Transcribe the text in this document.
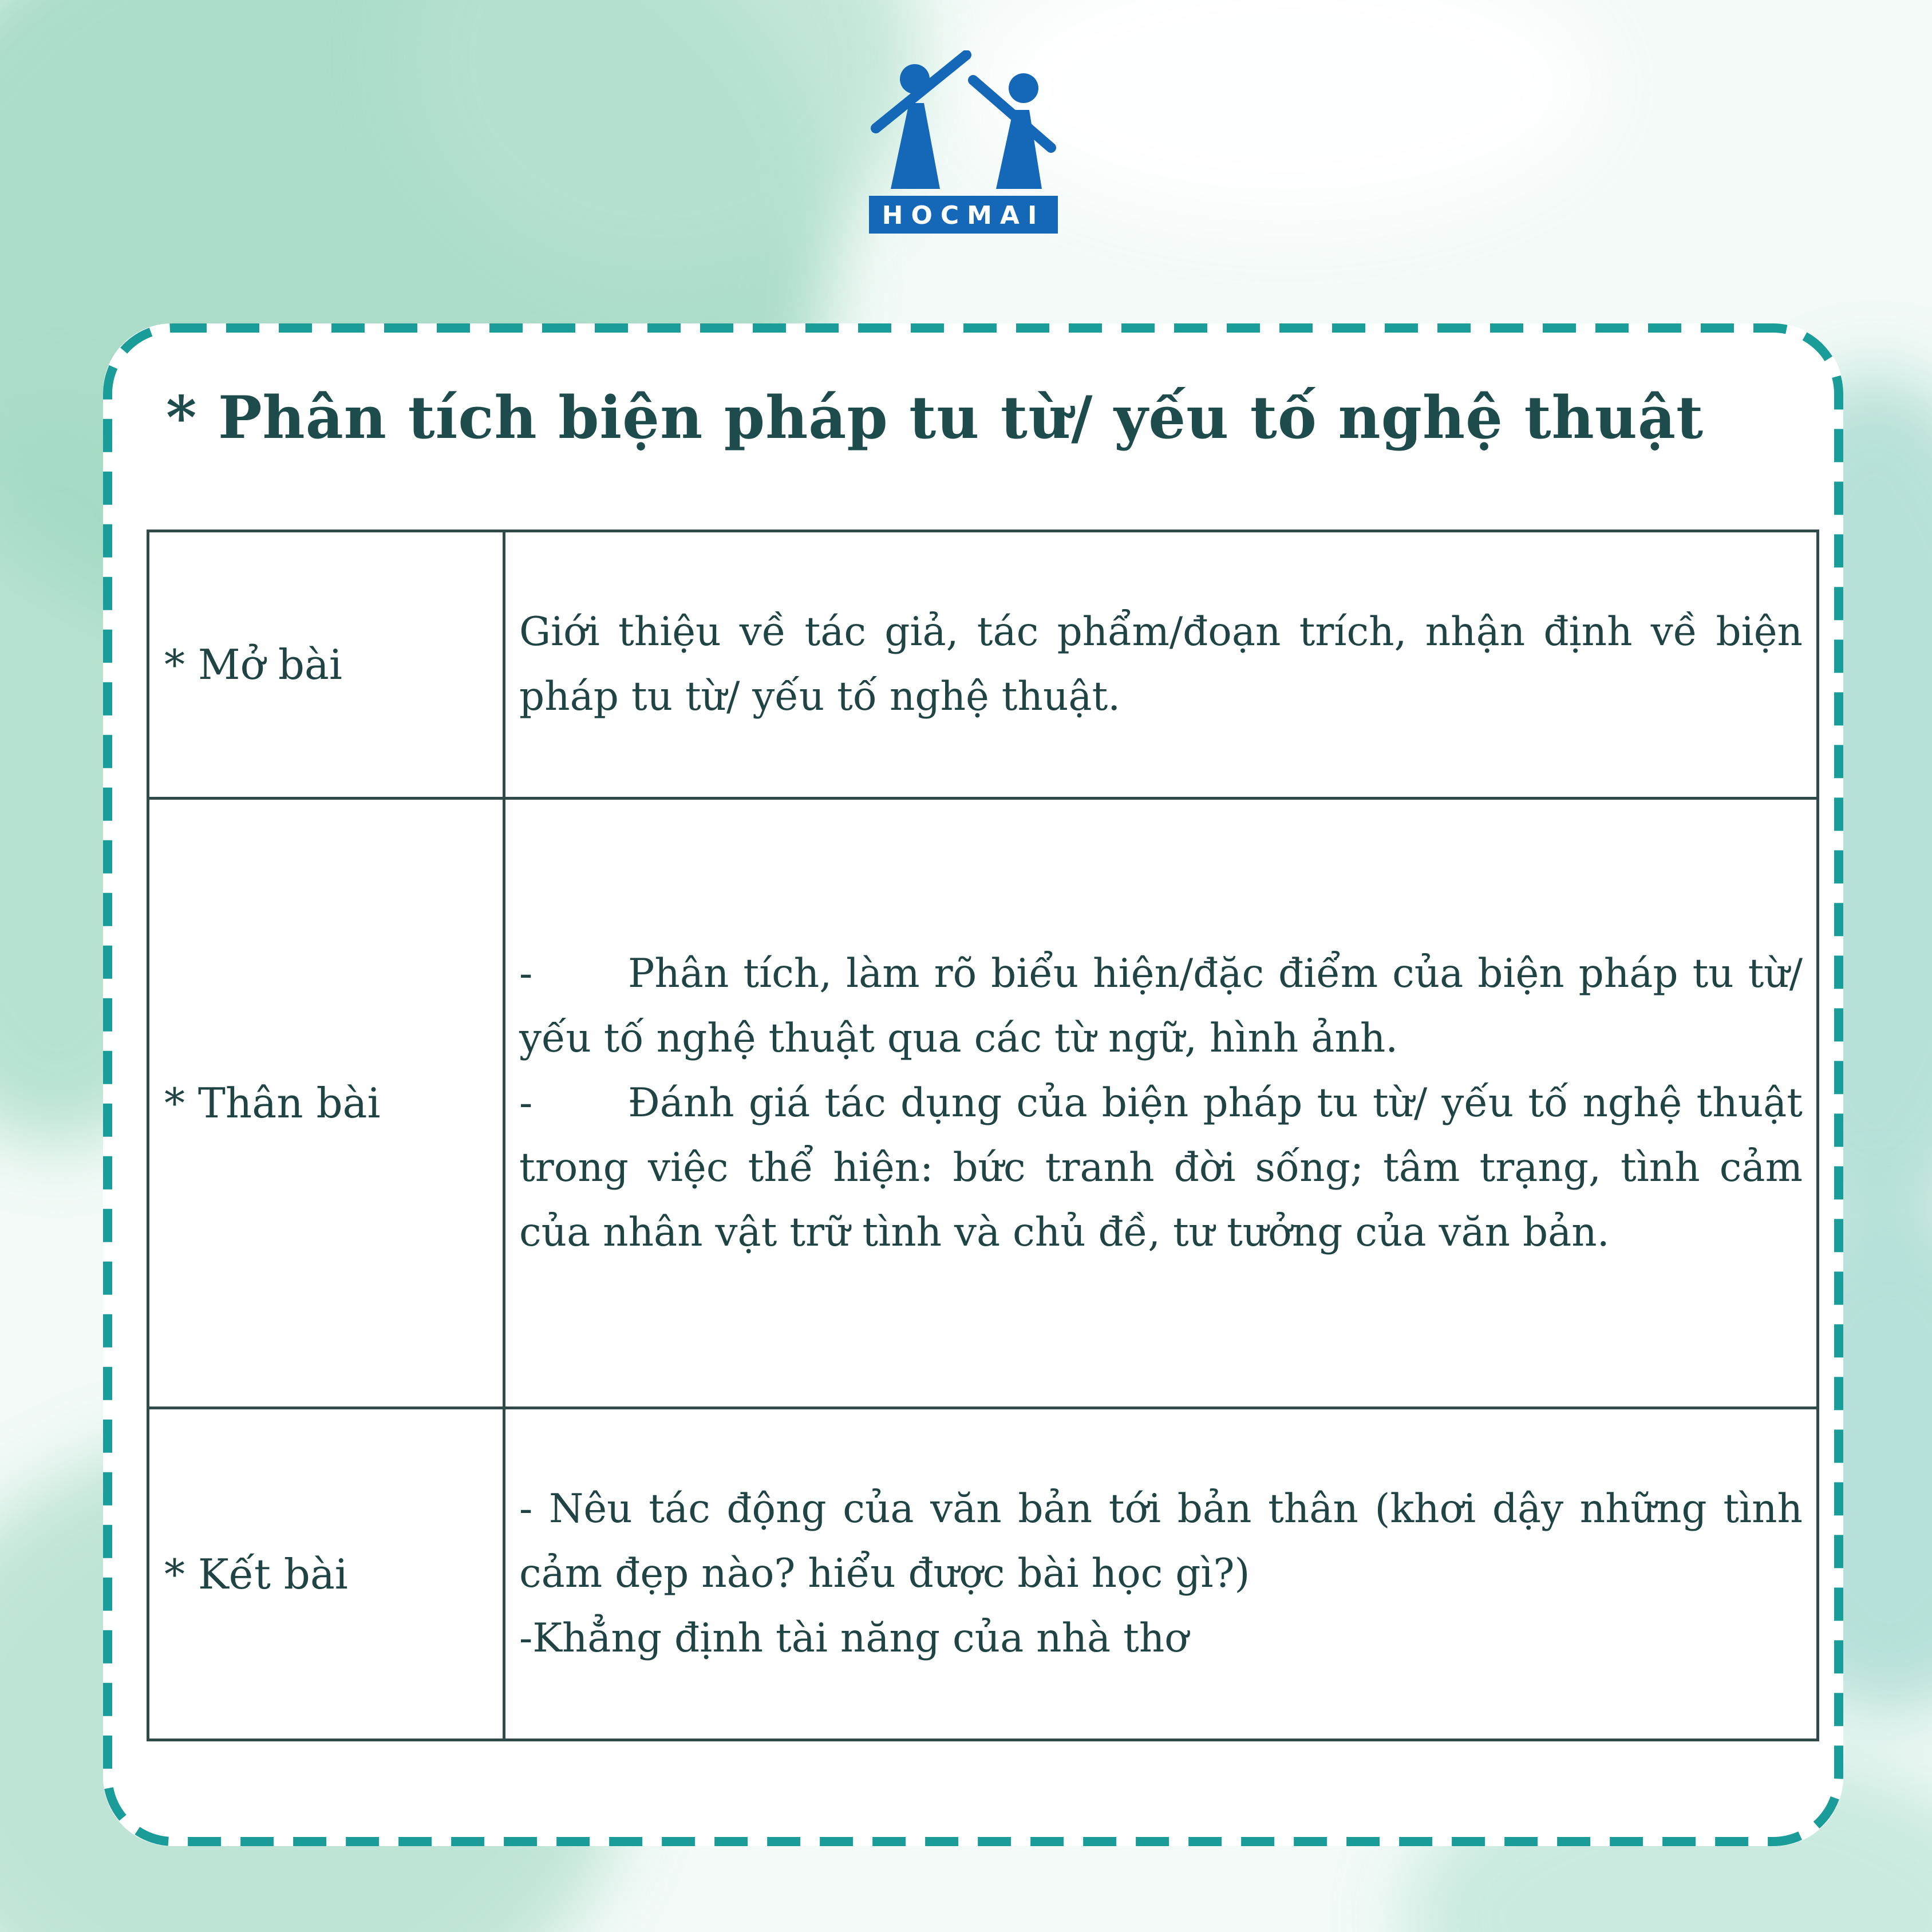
HOCMAI
* Phân tích biện pháp tu từ/ yếu tố nghệ thuật
* Mở bài	Giới thiệu về tác giả, tác phẩm/đoạn trích, nhận định về biện pháp tu từ/ yếu tố nghệ thuật.

* Thân bài	- Phân tích, làm rõ biểu hiện/đặc điểm của biện pháp tu từ/ yếu tố nghệ thuật qua các từ ngữ, hình ảnh.
- Đánh giá tác dụng của biện pháp tu từ/ yếu tố nghệ thuật trong việc thể hiện: bức tranh đời sống; tâm trạng, tình cảm của nhân vật trữ tình và chủ đề, tư tưởng của văn bản.

* Kết bài	- Nêu tác động của văn bản tới bản thân (khơi dậy những tình cảm đẹp nào? hiểu được bài học gì?)
-Khẳng định tài năng của nhà thơ
